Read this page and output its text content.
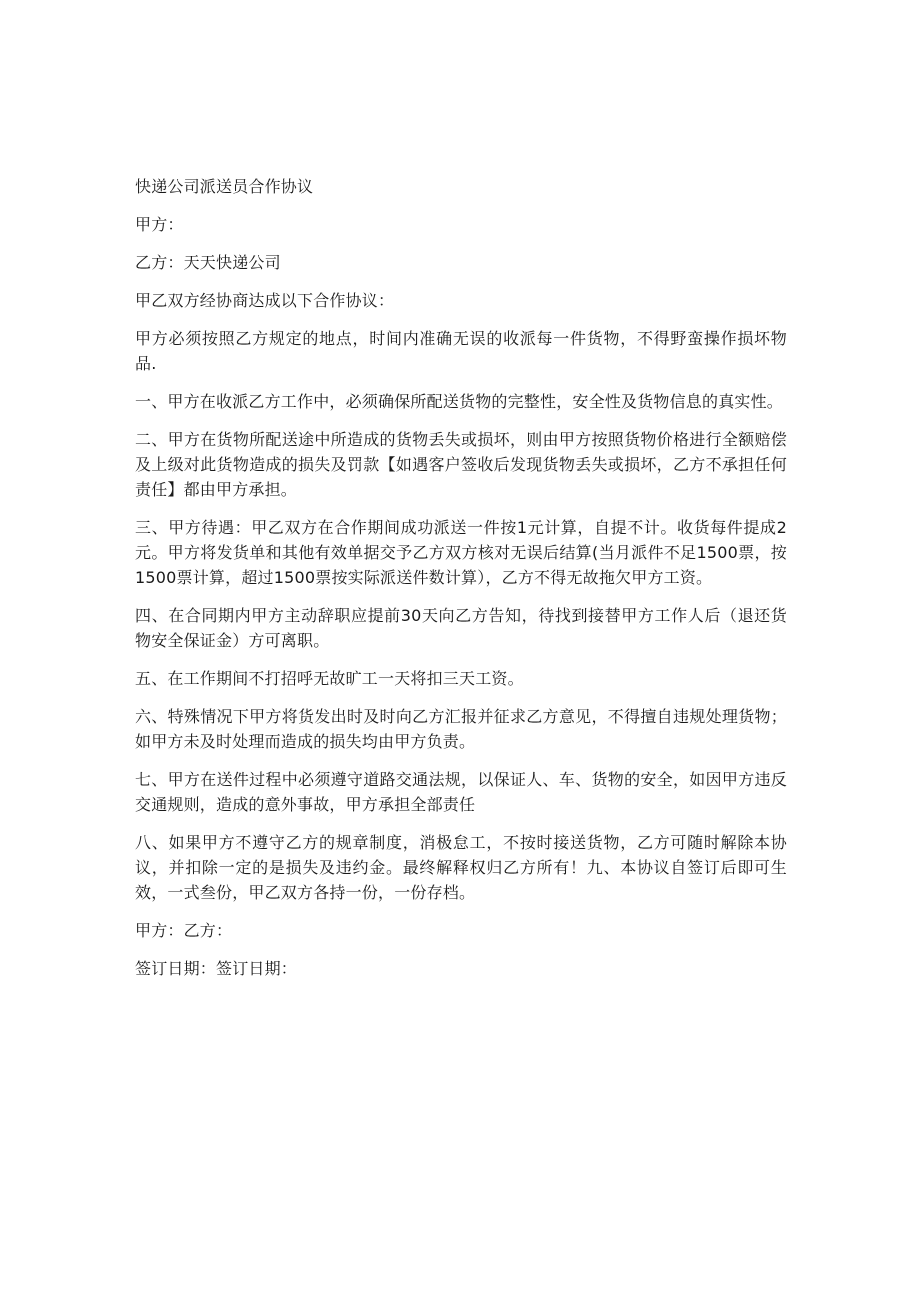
快递公司派送员合作协议

甲方：

乙方：天天快递公司

甲乙双方经协商达成以下合作协议：

甲方必须按照乙方规定的地点，时间内准确无误的收派每一件货物，不得野蛮操作损坏物品.

一、甲方在收派乙方工作中，必须确保所配送货物的完整性，安全性及货物信息的真实性。

二、甲方在货物所配送途中所造成的货物丢失或损坏，则由甲方按照货物价格进行全额赔偿及上级对此货物造成的损失及罚款【如遇客户签收后发现货物丢失或损坏，乙方不承担任何责任】都由甲方承担。

三、甲方待遇：甲乙双方在合作期间成功派送一件按1元计算，自提不计。收货每件提成2元。甲方将发货单和其他有效单据交予乙方双方核对无误后结算(当月派件不足1500票，按1500票计算，超过1500票按实际派送件数计算），乙方不得无故拖欠甲方工资。

四、在合同期内甲方主动辞职应提前30天向乙方告知，待找到接替甲方工作人后（退还货物安全保证金）方可离职。

五、在工作期间不打招呼无故旷工一天将扣三天工资。

六、特殊情况下甲方将货发出时及时向乙方汇报并征求乙方意见，不得擅自违规处理货物；如甲方未及时处理而造成的损失均由甲方负责。

七、甲方在送件过程中必须遵守道路交通法规，以保证人、车、货物的安全，如因甲方违反交通规则，造成的意外事故，甲方承担全部责任

八、如果甲方不遵守乙方的规章制度，消极怠工，不按时接送货物，乙方可随时解除本协议，并扣除一定的是损失及违约金。最终解释权归乙方所有！九、本协议自签订后即可生效，一式叁份，甲乙双方各持一份，一份存档。

甲方：乙方：

签订日期：签订日期：
